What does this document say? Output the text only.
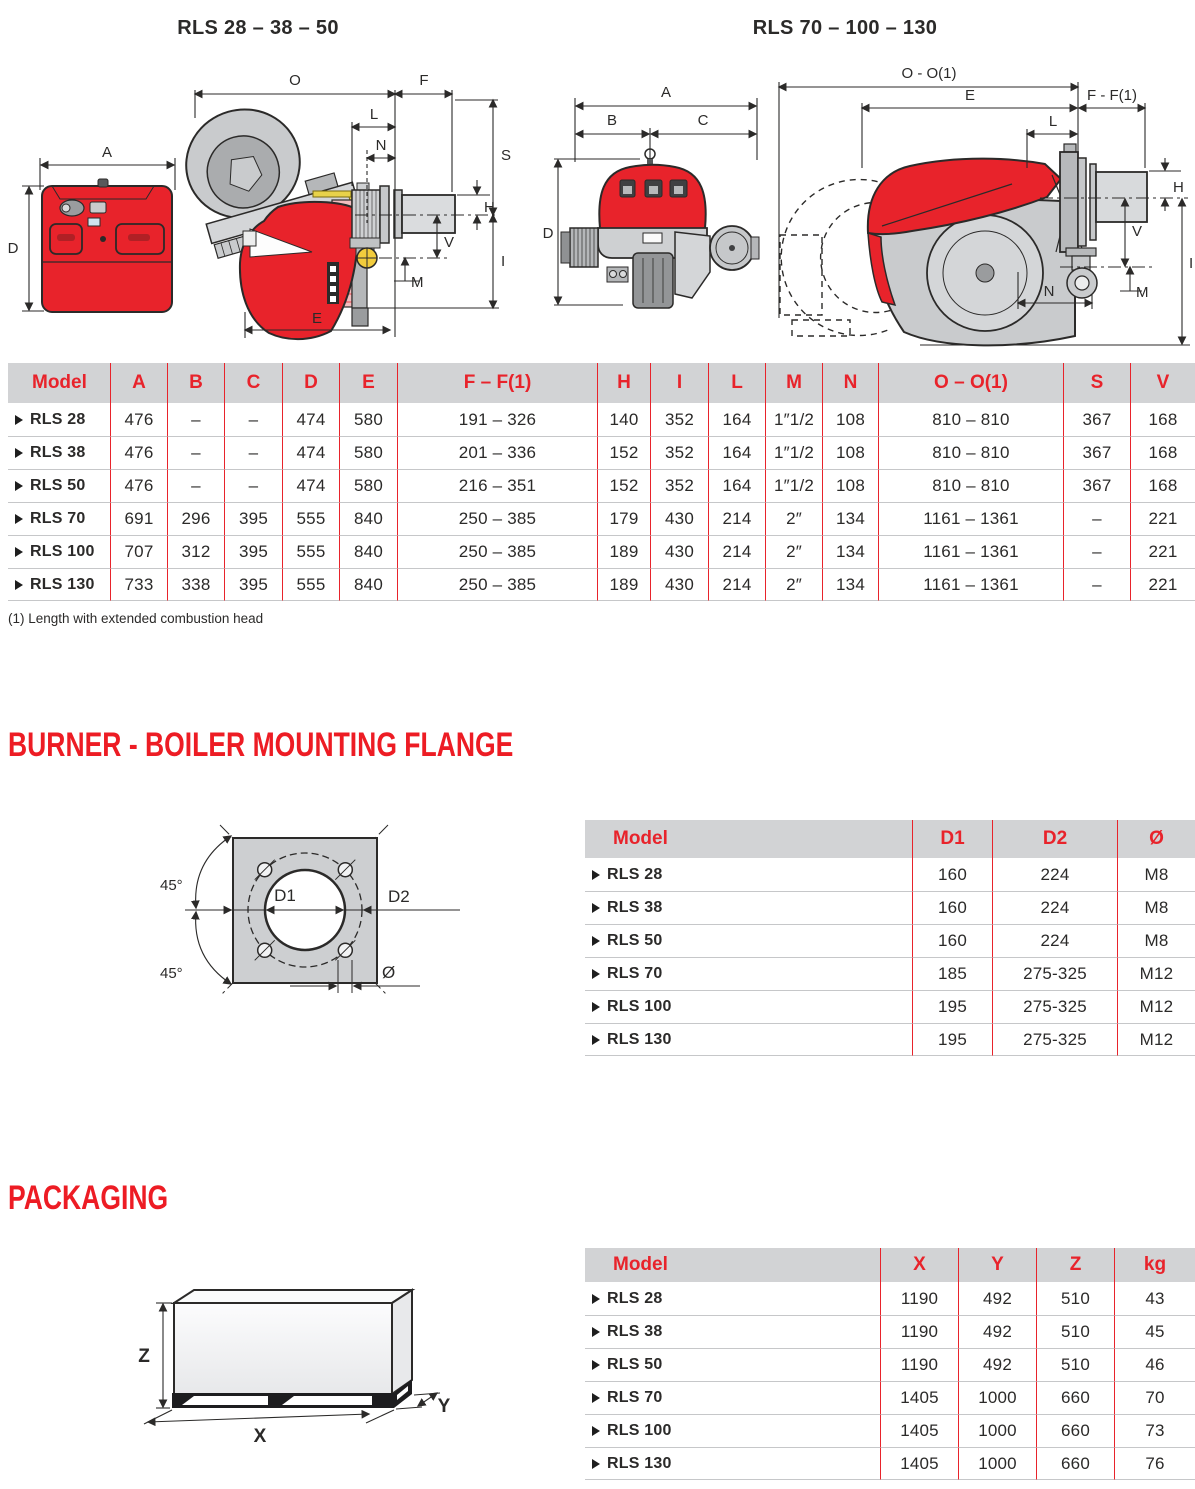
RLS 28 – 38 – 50	RLS 70 – 100 – 130
A
D
O	F
L
N
S
I
H
V
M
E
A
B	C
D
O - O(1)
E	F - F(1)
L
H
V
I
M
N
Model	A	B	C	D	E	F – F(1)	H	I	L	M	N	O – O(1)	S	V
RLS 28	476	–	–	474	580	191 – 326	140	352	164	1″1/2	108	810 – 810	367	168
RLS 38	476	–	–	474	580	201 – 336	152	352	164	1″1/2	108	810 – 810	367	168
RLS 50	476	–	–	474	580	216 – 351	152	352	164	1″1/2	108	810 – 810	367	168
RLS 70	691	296	395	555	840	250 – 385	179	430	214	2″	134	1161 – 1361	–	221
RLS 100	707	312	395	555	840	250 – 385	189	430	214	2″	134	1161 – 1361	–	221
RLS 130	733	338	395	555	840	250 – 385	189	430	214	2″	134	1161 – 1361	–	221
(1) Length with extended combustion head
BURNER - BOILER MOUNTING FLANGE
D1	D2
45°
45°	Ø
Model	D1	D2	Ø
RLS 28	160	224	M8
RLS 38	160	224	M8
RLS 50	160	224	M8
RLS 70	185	275-325	M12
RLS 100	195	275-325	M12
RLS 130	195	275-325	M12
PACKAGING
Z
X
Y
Model	X	Y	Z	kg
RLS 28	1190	492	510	43
RLS 38	1190	492	510	45
RLS 50	1190	492	510	46
RLS 70	1405	1000	660	70
RLS 100	1405	1000	660	73
RLS 130	1405	1000	660	76
